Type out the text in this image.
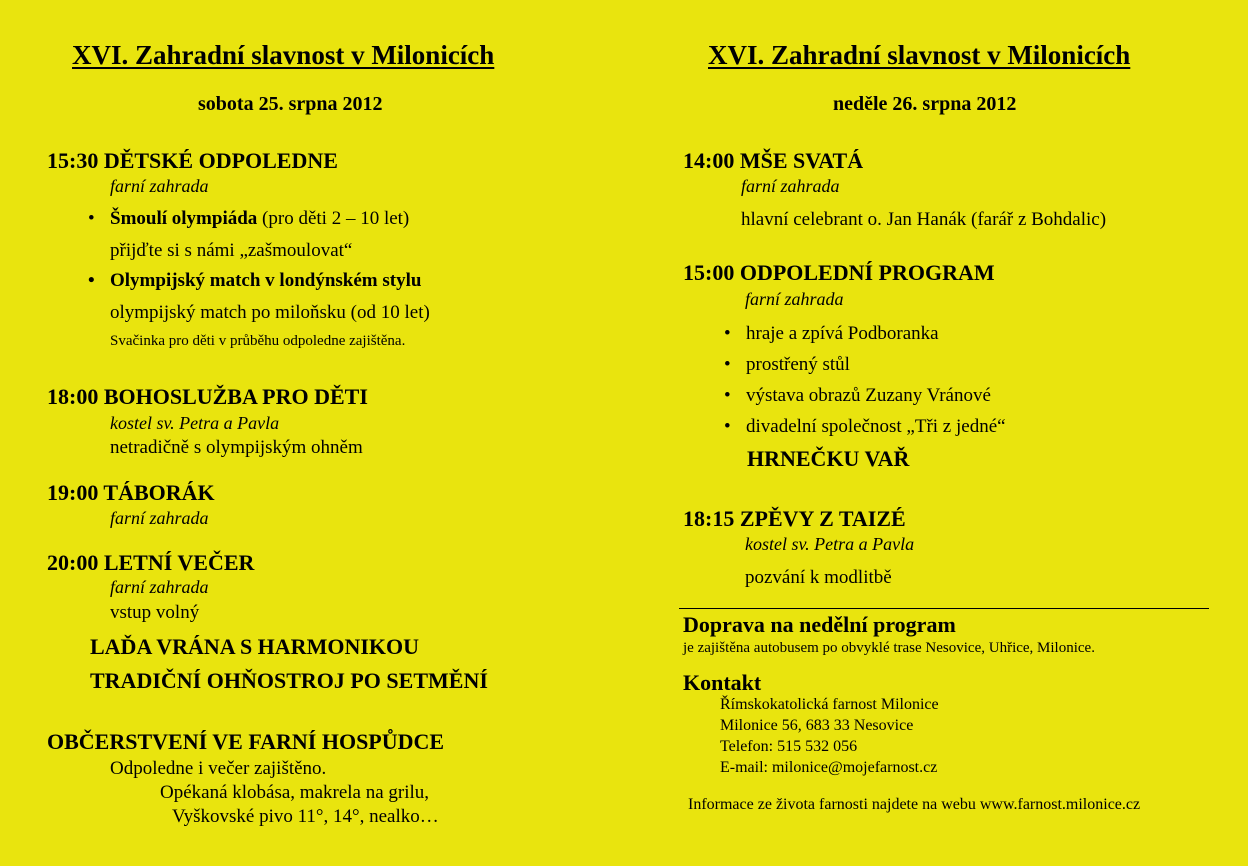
XVI. Zahradní slavnost v Milonicích
sobota 25. srpna 2012
15:30 DĚTSKÉ ODPOLEDNE
farní zahrada
• Šmoulí olympiáda (pro děti 2 – 10 let)
přijďte si s námi „zašmoulovat“
• Olympijský match v londýnském stylu
olympijský match po miloňsku (od 10 let)
Svačinka pro děti v průběhu odpoledne zajištěna.
18:00 BOHOSLUŽBA PRO DĚTI
kostel sv. Petra a Pavla
netradičně s olympijským ohněm
19:00 TÁBORÁK
farní zahrada
20:00 LETNÍ VEČER
farní zahrada
vstup volný
LAĎA VRÁNA S HARMONIKOU
TRADIČNÍ OHŇOSTROJ PO SETMĚNÍ
OBČERSTVENÍ VE FARNÍ HOSPŮDCE
Odpoledne i večer zajištěno.
Opékaná klobása, makrela na grilu,
Vyškovské pivo 11°, 14°, nealko…
XVI. Zahradní slavnost v Milonicích
neděle 26. srpna 2012
14:00 MŠE SVATÁ
farní zahrada
hlavní celebrant o. Jan Hanák (farář z Bohdalic)
15:00 ODPOLEDNÍ PROGRAM
farní zahrada
• hraje a zpívá Podboranka
• prostřený stůl
• výstava obrazů Zuzany Vránové
• divadelní společnost „Tři z jedné“
HRNEČKU VAŘ
18:15 ZPĚVY Z TAIZÉ
kostel sv. Petra a Pavla
pozvání k modlitbě
Doprava na nedělní program
je zajištěna autobusem po obvyklé trase Nesovice, Uhřice, Milonice.
Kontakt
Římskokatolická farnost Milonice
Milonice 56, 683 33 Nesovice
Telefon: 515 532 056
E-mail: milonice@mojefarnost.cz
Informace ze života farnosti najdete na webu www.farnost.milonice.cz
